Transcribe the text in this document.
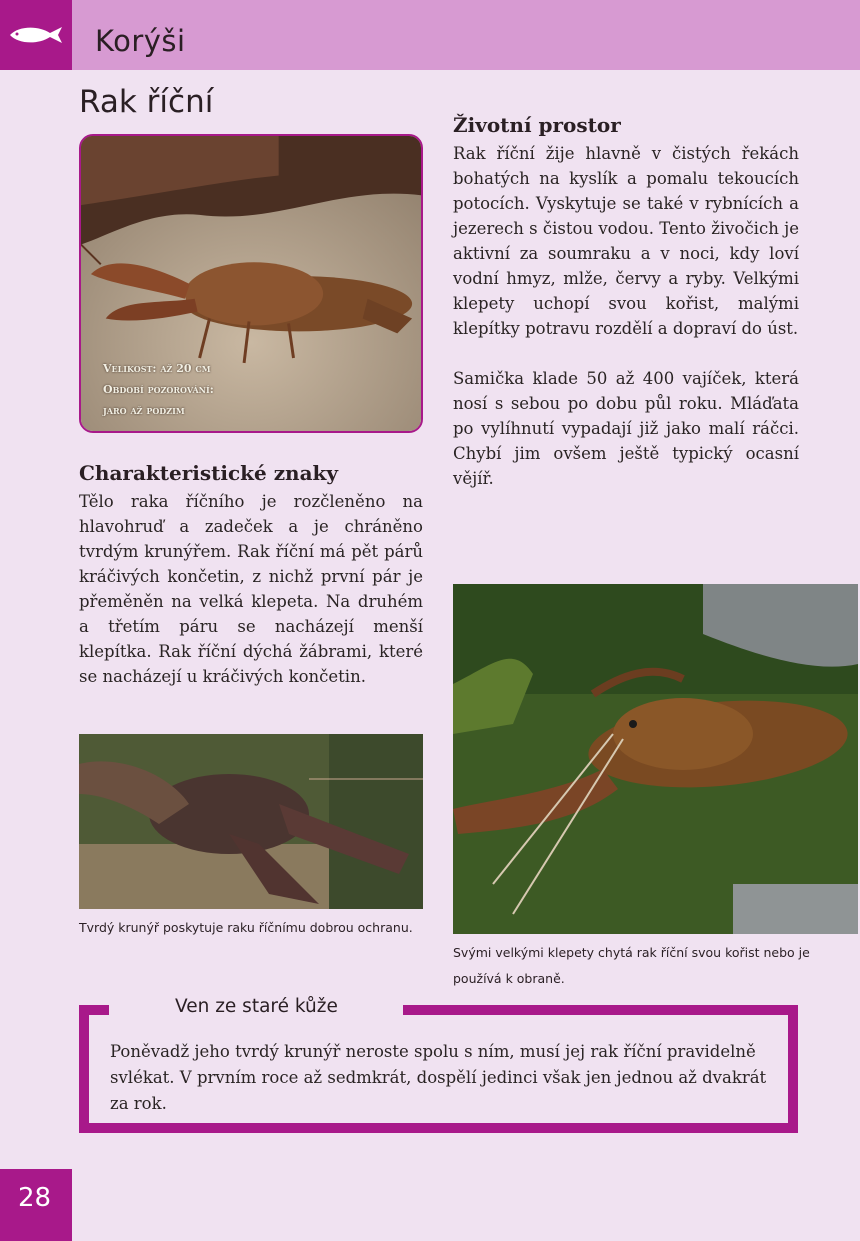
Korýši
Rak říční
Velikost: až 20 cm
Období pozorování:
jaro až podzim
Charakteristické znaky
Tělo raka říčního je rozčleněno na hlavohruď a zadeček a je chráněno tvrdým krunýřem. Rak říční má pět párů kráčivých končetin, z nichž první pár je přeměněn na velká klepeta. Na druhém a třetím páru se nacházejí menší klepítka. Rak říční dýchá žábrami, které se nacházejí u kráčivých končetin.
Životní prostor
Rak říční žije hlavně v čistých řekách bohatých na kyslík a pomalu tekoucích potocích. Vyskytuje se také v rybnících a jezerech s čistou vodou. Tento živočich je aktivní za soumraku a v noci, kdy loví vodní hmyz, mlže, červy a ryby. Velkými klepety uchopí svou kořist, malými klepítky potravu rozdělí a dopraví do úst.
Samička klade 50 až 400 vajíček, která nosí s sebou po dobu půl roku. Mláďata po vylíhnutí vypadají již jako malí ráčci. Chybí jim ovšem ještě typický ocasní vějíř.
Tvrdý krunýř poskytuje raku říčnímu dobrou ochranu.
Svými velkými klepety chytá rak říční svou kořist nebo je používá k obraně.
Ven ze staré kůže
Poněvadž jeho tvrdý krunýř neroste spolu s ním, musí jej rak říční pravidelně svlékat. V prvním roce až sedmkrát, dospělí jedinci však jen jednou až dvakrát za rok.
28
